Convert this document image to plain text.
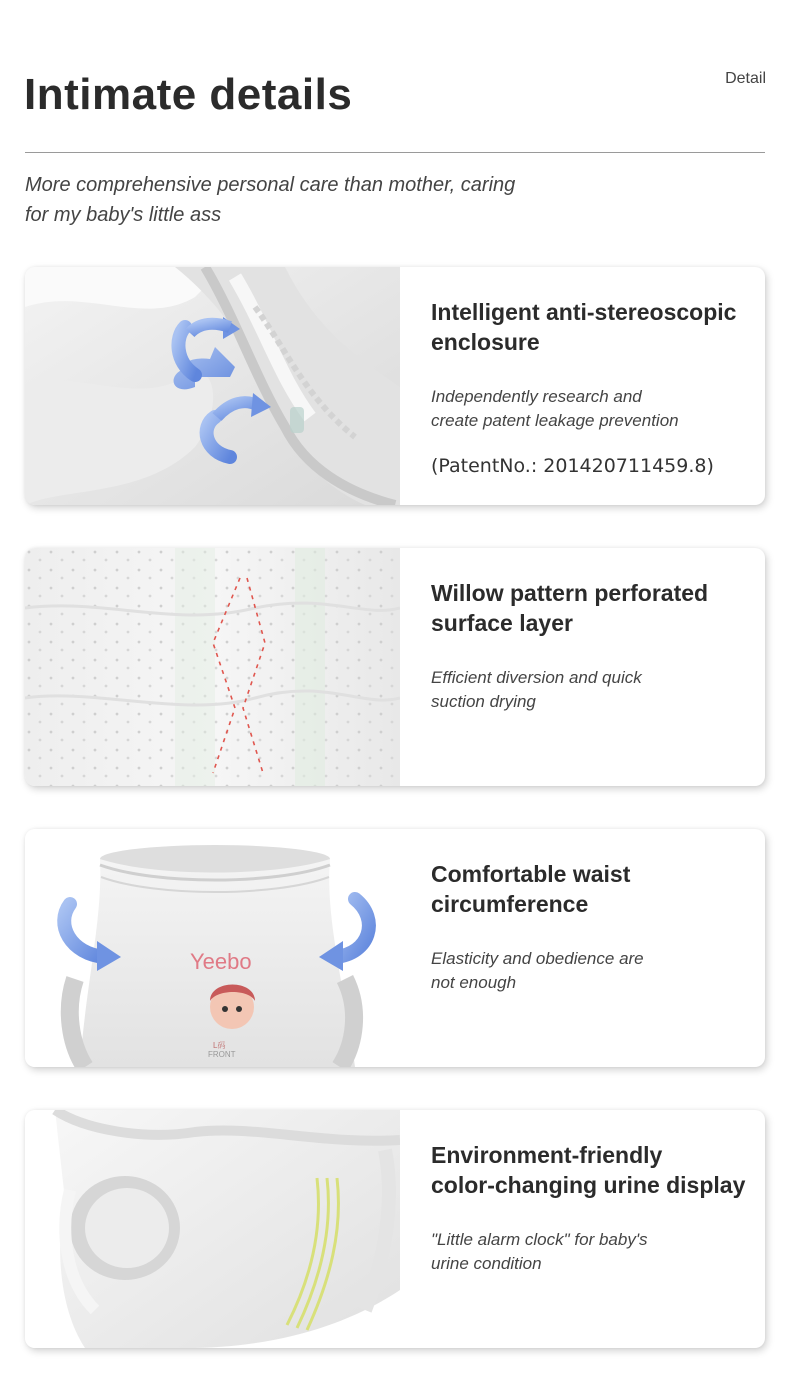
Intimate details	Detail
More comprehensive personal care than mother, caring
for my baby's little ass
Intelligent anti-stereoscopic
enclosure
Independently research and
create patent leakage prevention
(PatentNo.: 201420711459.8)
Willow pattern perforated
surface layer
Efficient diversion and quick
suction drying
Yeebo
L码
FRONT
Comfortable waist
circumference
Elasticity and obedience are
not enough
Environment-friendly
color-changing urine display
"Little alarm clock" for baby's
urine condition
